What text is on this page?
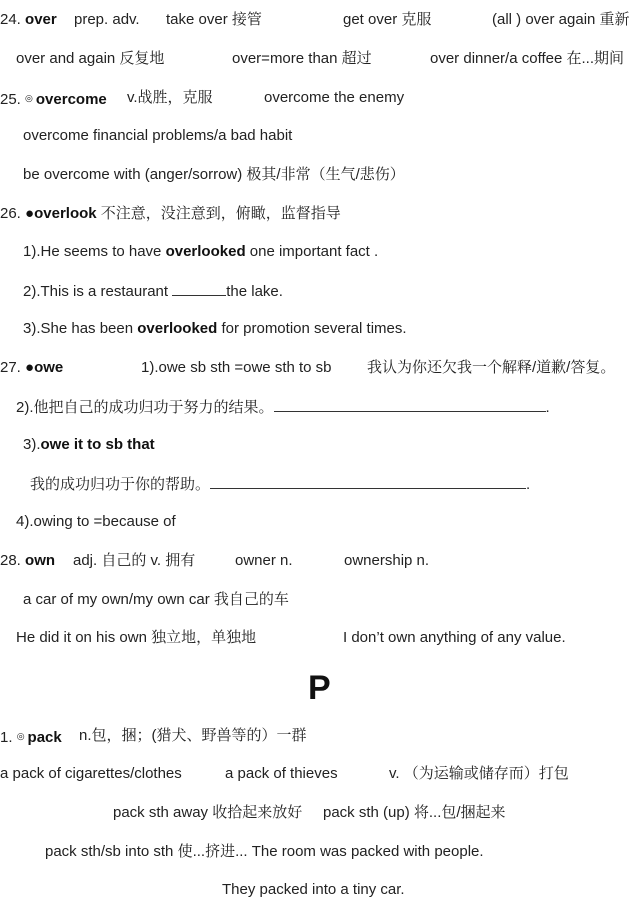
24. over prep. adv. take over 接管	get over 克服	(all ) over again 重新
over and again 反复地	over=more than 超过	over dinner/a coffee 在...期间
25. ◎ overcome v.战胜，克服	overcome the enemy
overcome financial problems/a bad habit
be overcome with (anger/sorrow) 极其/非常（生气/悲伤）
26. ●overlook 不注意，没注意到，俯瞰，监督指导
1).He seems to have overlooked one important fact .
2).This is a restaurant	the lake.
3).She has been overlooked for promotion several times.
27. ●owe	1).owe sb sth =owe sth to sb 我认为你还欠我一个解释/道歉/答复。
2).他把自己的成功归功于努力的结果。	.
3).owe it to sb that
我的成功归功于你的帮助。	.
4).owing to =because of
28. own adj. 自己的 v. 拥有	owner n.	ownership n.
a car of my own/my own car 我自己的车
He did it on his own 独立地，单独地	I don’t own anything of any value.
P
1. ◎ pack n.包，捆；(猎犬、野兽等的）一群
a pack of cigarettes/clothes	a pack of thieves	v. （为运输或储存而）打包
pack sth away 收拾起来放好 pack sth (up) 将...包/捆起来
pack sth/sb into sth 使...挤进... The room was packed with people.
They packed into a tiny car.
